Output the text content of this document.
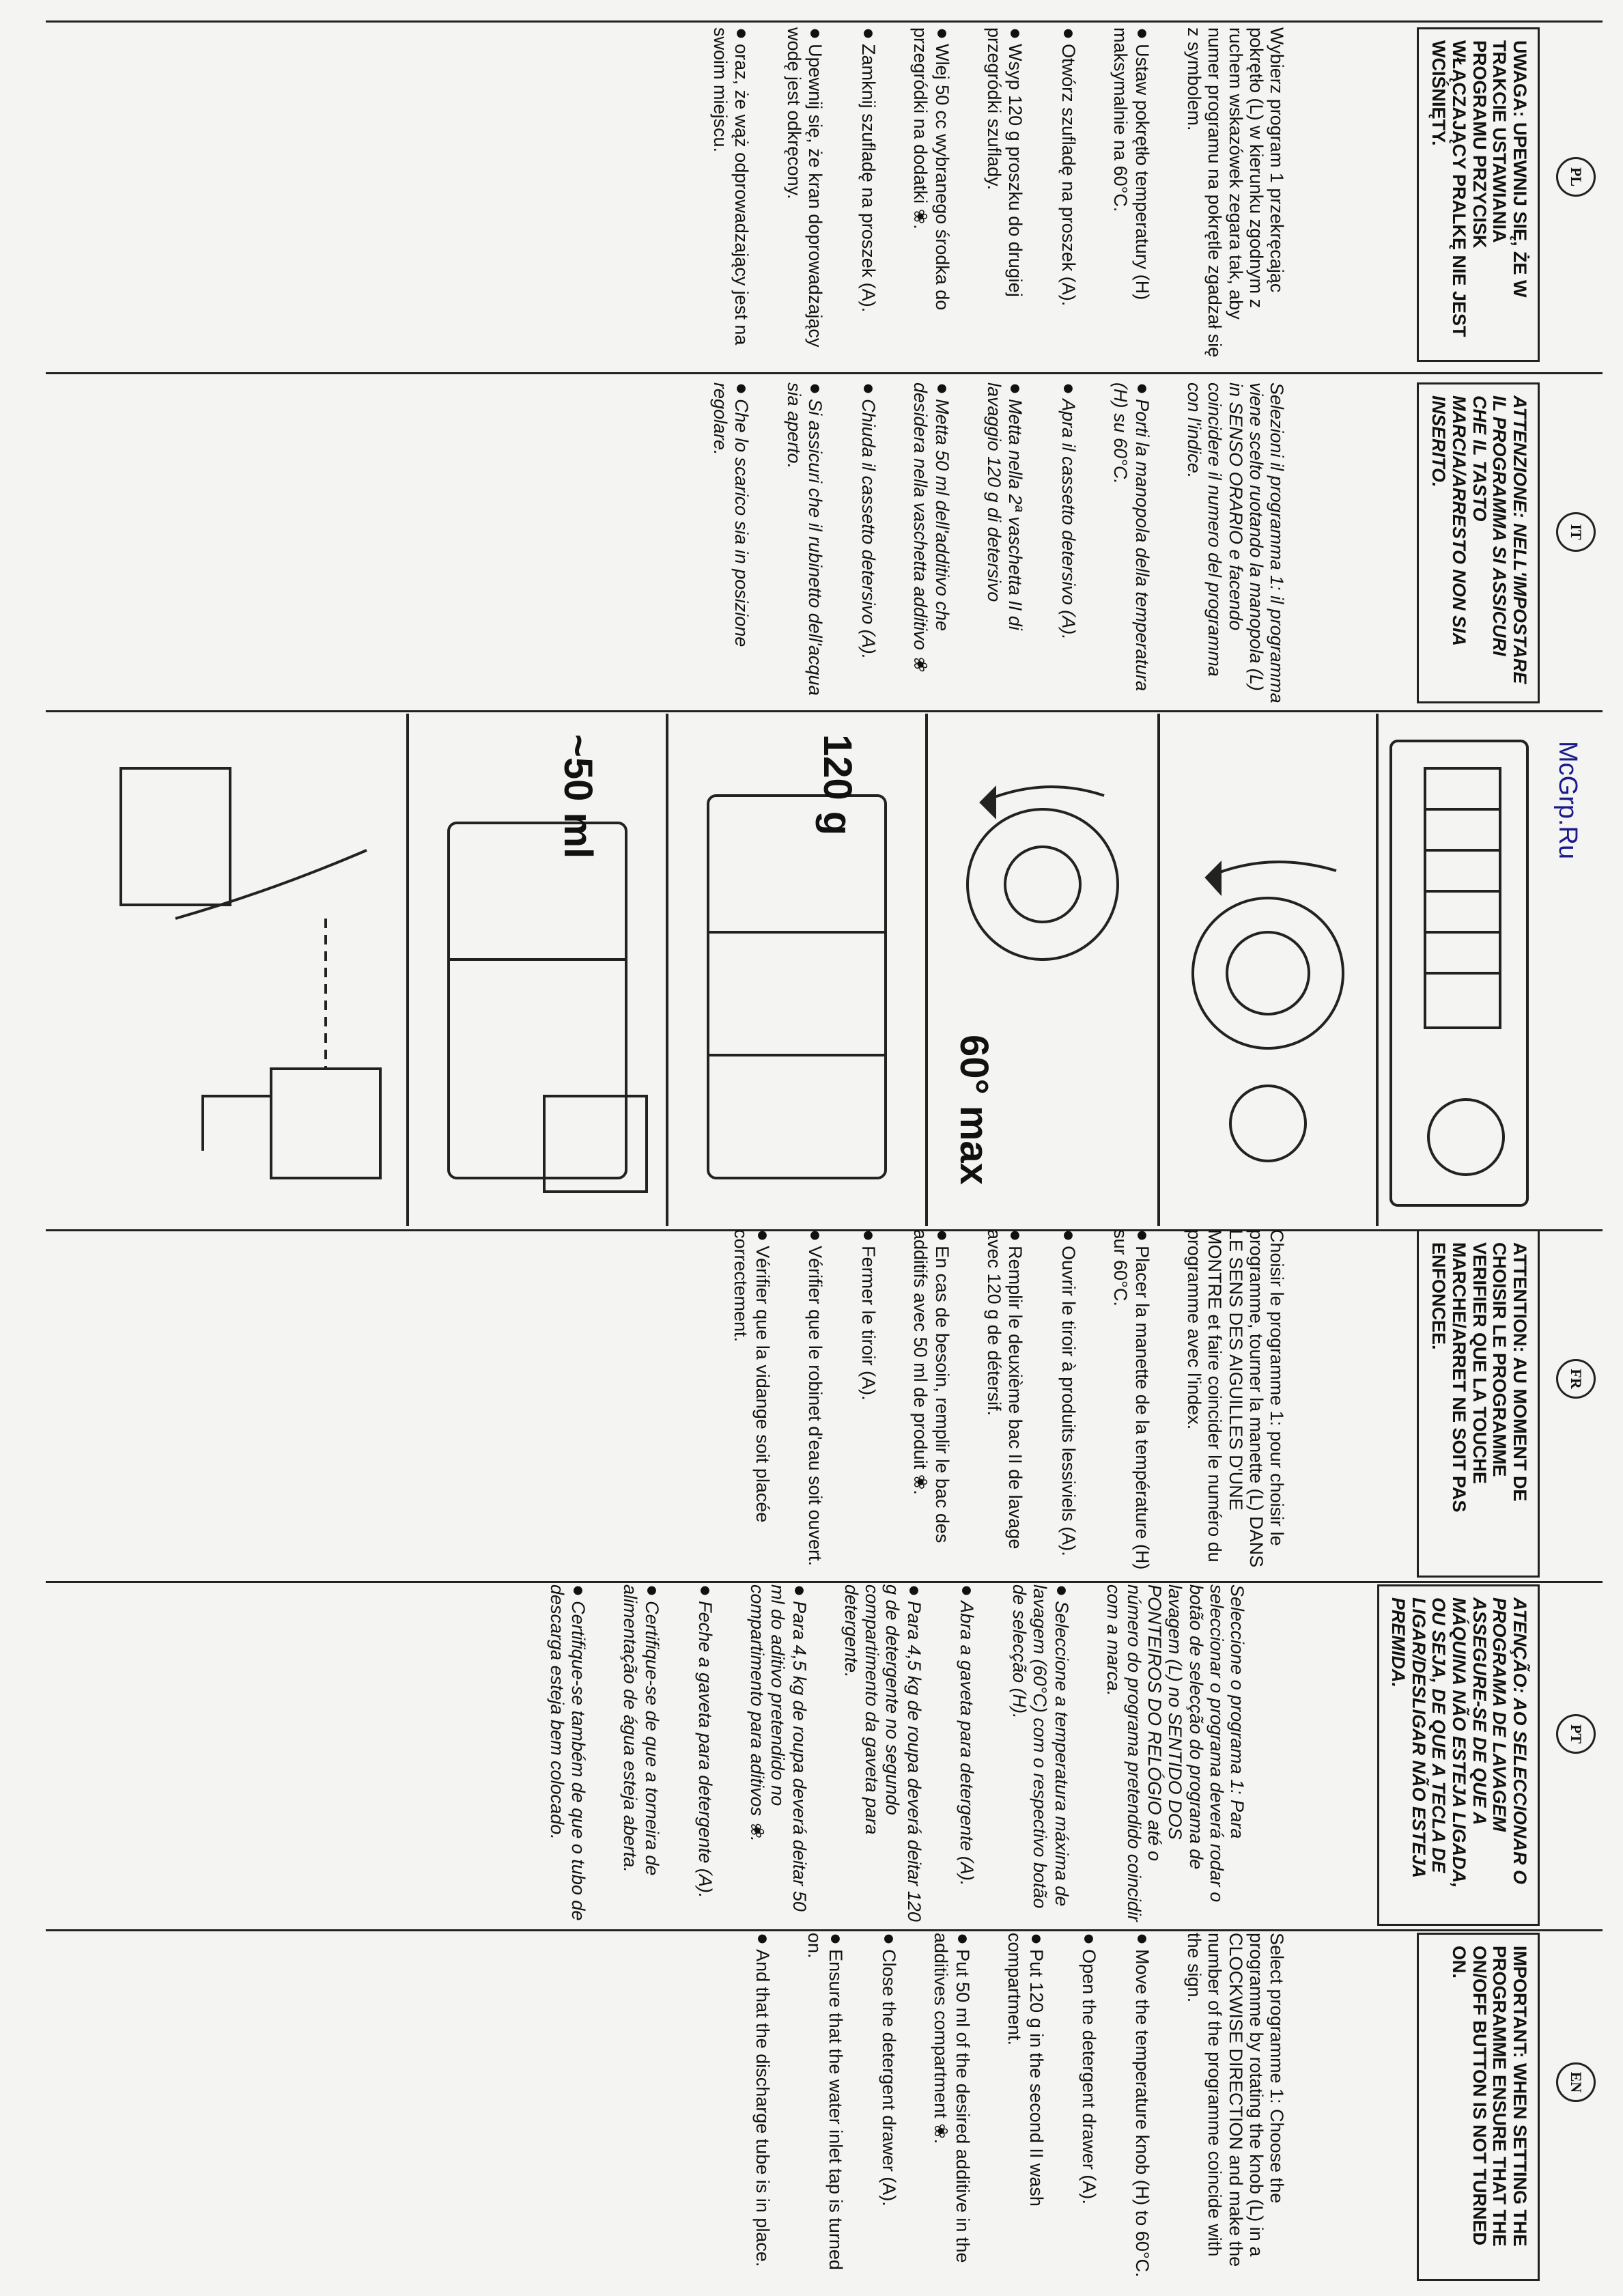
PL
UWAGA: UPEWNIJ SIĘ, ŻE W TRAKCIE USTAWIANIA PROGRAMU PRZYCISK WŁĄCZAJĄCY PRALKĘ NIE JEST WCIŚNIĘTY.
Wybierz program 1 przekręcając pokrętło (L) w kierunku zgodnym z ruchem wskazówek zegara tak, aby numer programu na pokrętle zgadzał się z symbolem.
●Ustaw pokrętło temperatury (H) maksymalnie na 60°C.
●Otwórz szufladę na proszek (A).
●Wsyp 120 g proszku do drugiej przegródki szuflady.
●Wlej 50 cc wybranego środka do przegródki na dodatki ❀.
●Zamknij szufladę na proszek (A).
●Upewnij się, że kran doprowadzający wodę jest odkręcony.
●oraz, że wąż odprowadzający jest na swoim miejscu.
IT
ATTENZIONE: NELL'IMPOSTARE IL PROGRAMMA SI ASSICURI CHE IL TASTO MARCIA/ARRESTO NON SIA INSERITO.
Selezioni il programma 1: il programma viene scelto ruotando la manopola (L) in SENSO ORARIO e facendo coincidere il numero del programma con l'indice.
●Porti la manopola della temperatura (H) su 60°C.
●Apra il cassetto detersivo (A).
●Metta nella 2ª vaschetta II di lavaggio 120 g di detersivo
●Metta 50 ml dell'additivo che desidera nella vaschetta additivo ❀
●Chiuda il cassetto detersivo (A).
●Si assicuri che il rubinetto dell'acqua sia aperto.
●Che lo scarico sia in posizione regolare.
McGrp.Ru
60° max
120 g
~50 ml
FR
ATTENTION: AU MOMENT DE CHOISIR LE PROGRAMME VERIFIER QUE LA TOUCHE MARCHE/ARRET NE SOIT PAS ENFONCEE.
Choisir le programme 1: pour choisir le programme, tourner la manette (L) DANS LE SENS DES AIGUILLES D'UNE MONTRE et faire coincider le numéro du programme avec l'index.
●Placer la manette de la température (H) sur 60°C.
●Ouvrir le tiroir à produits lessiviels (A).
●Remplir le deuxième bac II de lavage avec 120 g de détersif.
●En cas de besoin, remplir le bac des additifs avec 50 ml de produit ❀.
●Fermer le tiroir (A).
●Vérifier que le robinet d'eau soit ouvert.
●Vérifier que la vidange soit placée correctement.
PT
ATENÇÃO: AO SELECCIONAR O PROGRAMA DE LAVAGEM ASSEGURE-SE DE QUE A MÁQUINA NÃO ESTEJA LIGADA, OU SEJA, DE QUE A TECLA DE LIGAR/DESLIGAR NÃO ESTEJA PREMIDA.
Seleccione o programa 1: Para seleccionar o programa deverá rodar o botão de selecção do programa de lavagem (L) no SENTIDO DOS PONTEIROS DO RELÓGIO até o número do programa pretendido coincidir com a marca.
●Seleccione a temperatura máxima de lavagem (60°C) com o respectivo botão de selecção (H).
●Abra a gaveta para detergente (A).
●Para 4,5 kg de roupa deverá deitar 120 g de detergente no segundo compartimento da gaveta para detergente.
●Para 4,5 kg de roupa deverá deitar 50 ml do aditivo pretendido no compartimento para aditivos ❀.
●Feche a gaveta para detergente (A).
●Certifique-se de que a torneira de alimentação de água esteja aberta.
●Certifique-se também de que o tubo de descarga esteja bem colocado.
EN
IMPORTANT: WHEN SETTING THE PROGRAMME ENSURE THAT THE ON/OFF BUTTON IS NOT TURNED ON.
Select programme 1: Choose the programme by rotating the knob (L) in a CLOCKWISE DIRECTION and make the number of the programme coincide with the sign.
●Move the temperature knob (H) to 60°C.
●Open the detergent drawer (A).
●Put 120 g in the second II wash compartment.
●Put 50 ml of the desired additive in the additives compartment ❀.
●Close the detergent drawer (A).
●Ensure that the water inlet tap is turned on.
●And that the discharge tube is in place.
